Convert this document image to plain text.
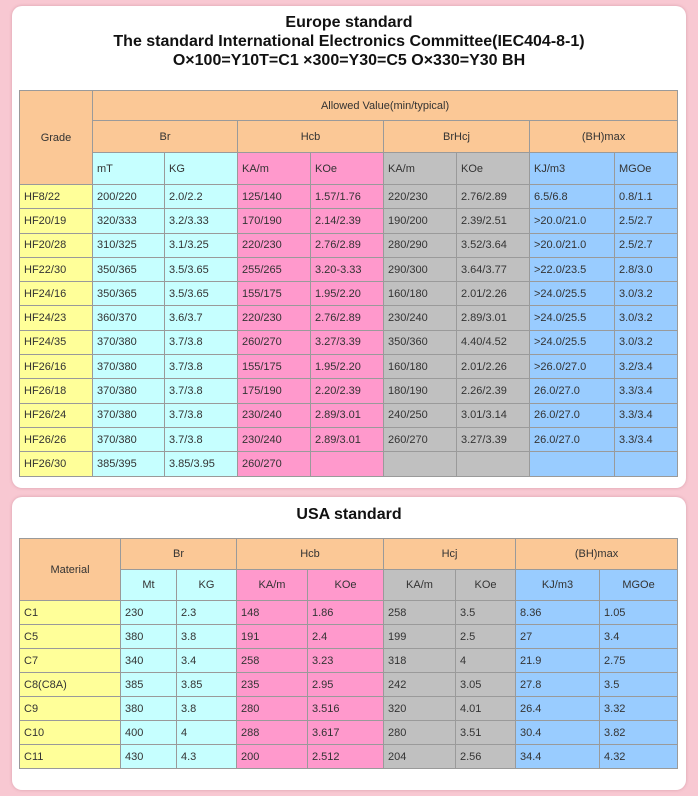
Europe standard
The standard International Electronics Committee(IEC404-8-1)
O×100=Y10T=C1 ×300=Y30=C5 O×330=Y30 BH
Grade	Allowed Value(min/typical)							
	Br		Hcb		BrHcj		(BH)max	
	mT	KG	KA/m	KOe	KA/m	KOe	KJ/m3	MGOe
HF8/22	200/220	2.0/2.2	125/140	1.57/1.76	220/230	2.76/2.89	6.5/6.8	0.8/1.1
HF20/19	320/333	3.2/3.33	170/190	2.14/2.39	190/200	2.39/2.51	>20.0/21.0	2.5/2.7
HF20/28	310/325	3.1/3.25	220/230	2.76/2.89	280/290	3.52/3.64	>20.0/21.0	2.5/2.7
HF22/30	350/365	3.5/3.65	255/265	3.20-3.33	290/300	3.64/3.77	>22.0/23.5	2.8/3.0
HF24/16	350/365	3.5/3.65	155/175	1.95/2.20	160/180	2.01/2.26	>24.0/25.5	3.0/3.2
HF24/23	360/370	3.6/3.7	220/230	2.76/2.89	230/240	2.89/3.01	>24.0/25.5	3.0/3.2
HF24/35	370/380	3.7/3.8	260/270	3.27/3.39	350/360	4.40/4.52	>24.0/25.5	3.0/3.2
HF26/16	370/380	3.7/3.8	155/175	1.95/2.20	160/180	2.01/2.26	>26.0/27.0	3.2/3.4
HF26/18	370/380	3.7/3.8	175/190	2.20/2.39	180/190	2.26/2.39	26.0/27.0	3.3/3.4
HF26/24	370/380	3.7/3.8	230/240	2.89/3.01	240/250	3.01/3.14	26.0/27.0	3.3/3.4
HF26/26	370/380	3.7/3.8	230/240	2.89/3.01	260/270	3.27/3.39	26.0/27.0	3.3/3.4
HF26/30	385/395	3.85/3.95	260/270					
USA standard
Material	Br		Hcb		Hcj		(BH)max	
	Mt	KG	KA/m	KOe	KA/m	KOe	KJ/m3	MGOe
C1	230	2.3	148	1.86	258	3.5	8.36	1.05
C5	380	3.8	191	2.4	199	2.5	27	3.4
C7	340	3.4	258	3.23	318	4	21.9	2.75
C8(C8A)	385	3.85	235	2.95	242	3.05	27.8	3.5
C9	380	3.8	280	3.516	320	4.01	26.4	3.32
C10	400	4	288	3.617	280	3.51	30.4	3.82
C11	430	4.3	200	2.512	204	2.56	34.4	4.32
